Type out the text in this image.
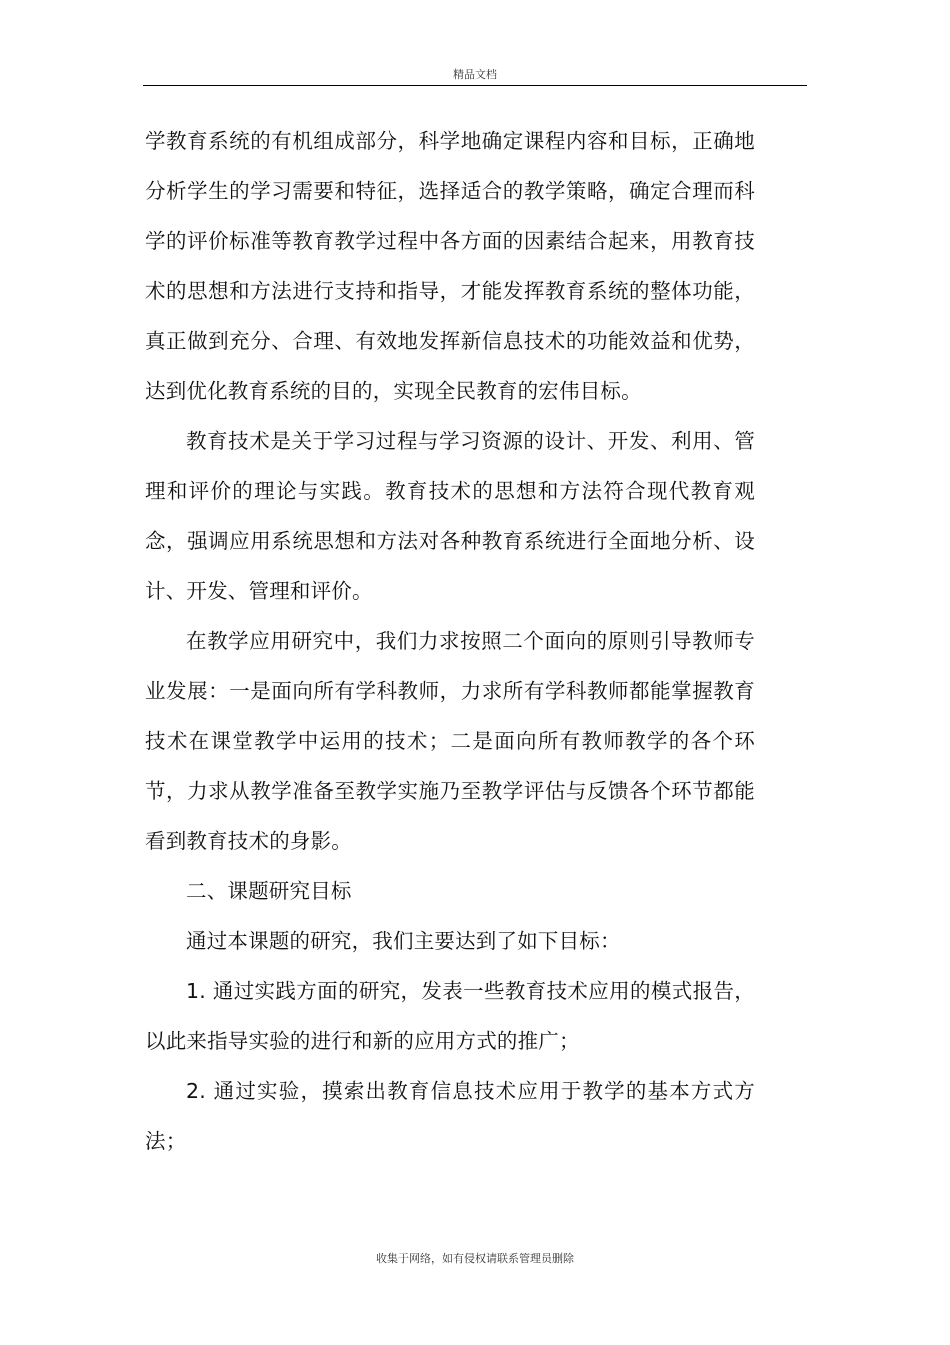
精品文档

学教育系统的有机组成部分，科学地确定课程内容和目标，正确地分析学生的学习需要和特征，选择适合的教学策略，确定合理而科学的评价标准等教育教学过程中各方面的因素结合起来，用教育技术的思想和方法进行支持和指导，才能发挥教育系统的整体功能，真正做到充分、合理、有效地发挥新信息技术的功能效益和优势，达到优化教育系统的目的，实现全民教育的宏伟目标。

教育技术是关于学习过程与学习资源的设计、开发、利用、管理和评价的理论与实践。教育技术的思想和方法符合现代教育观念，强调应用系统思想和方法对各种教育系统进行全面地分析、设计、开发、管理和评价。

在教学应用研究中，我们力求按照二个面向的原则引导教师专业发展：一是面向所有学科教师，力求所有学科教师都能掌握教育技术在课堂教学中运用的技术；二是面向所有教师教学的各个环节，力求从教学准备至教学实施乃至教学评估与反馈各个环节都能看到教育技术的身影。

二、课题研究目标

通过本课题的研究，我们主要达到了如下目标：

1. 通过实践方面的研究，发表一些教育技术应用的模式报告，以此来指导实验的进行和新的应用方式的推广；

2. 通过实验，摸索出教育信息技术应用于教学的基本方式方法；

收集于网络，如有侵权请联系管理员删除
